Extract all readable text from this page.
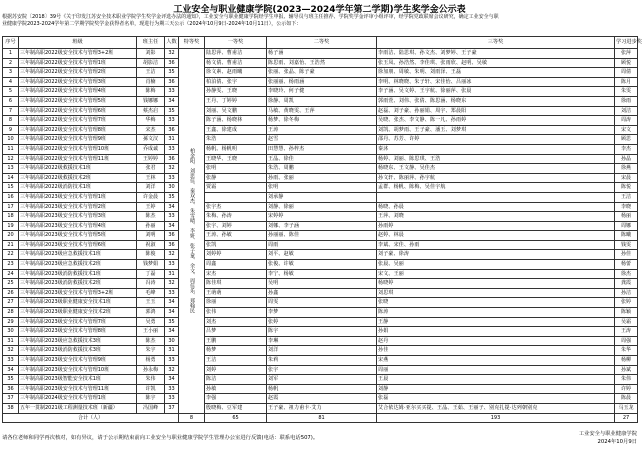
工业安全与职业健康学院(2023—2024学年第二学期)学生奖学金公示表
根据苏安院〔2018〕39号《关于印发江苏安全技术职业学院学生奖学金评选办法的通知》，工业安全与职业健康学院经学生申报、辅导员与班主任推荐、学院奖学金评审小组评审，经学院党政联席会议研究，确定工业安全与职
业健康学院2023-2024学年第二学期学院奖学金获得者名单，现进行为期三天公示（2024年10月9日-2024年10月11日），公示如下：
序号	班级	班主任	人数	特等奖	一等奖	二等奖	三等奖	学习进步奖
1	三年制高职2022级安全技术与管理3+2班	刘影	32	柏金阳、刘思佳、秦双杰、朱雪晴、李妍、张子童、余文、周佳乐、郑翰民	陆思萍、曹甫洁	杨子涵	李雨洁、陆思琪、孙文杰、刘梦婷、王子豪	张萍
2	三年制高职2022级安全技术与管理1班	胡影洁	36		杨文倩、曹甫洁	陈思雨、刘嘉怡、王浩然	张玉凤、孙浩然、李佳琪、张雨欣、赵明、吴敏	顾悦
3	三年制高职2022级安全技术与管理2班	王洁	35		徐文素、赵雨曦	张丽、张晶、陈子豪	徐加朋、周敏、朱明、刘雨泽、王磊	周倩
4	三年制高职2022级安全技术与管理3班	肖楠	36		柏泊倩、张宇	张丽丽、杨雨涵	李明、林晓晓、朱子轩、宋佳怡、吕丽冰	陈月
5	三年制高职2022级安全技术与管理4班	陈梅	33		孙静雯、王晓	李晓玲、何子健	李子涵、吴文婷、王宇航、徐丽萍、张晨	朱雯
6	三年制高职2022级安全技术与管理5班	钱娜娜	34		王丹、丁婷婷	徐静、周凯	郭雨萱、刘伟、张倩、陈思涵、杨晓东	徐雨
7	三年制高职2022级安全技术与管理6班	蔡杰启	35		刘丽、吴文鹏	马敏、黄晓雯、王萍	赵磊、刘子豪、孙丽娟、周宇、郑晨阳	刘洁
8	三年制高职2022级安全技术与管理7班	华梅	33		陈子涵、杨晓林	杨梦、徐冬梅	吴晓、张杰、李文静、陈一凡、孙雨婷	周涛
9	三年制高职2022级安全技术与管理8班	宋杰	36		王鑫、徐建成	王涛	刘凯、胡梦雨、王子豪、潘玉、刘梦琪	宋文
10	三年制高职2022级安全技术与管理9班	孫文汉	31		朱浩	赵雪	邵丹、苏芳、许婷	顾思
11	三年制高职2022级安全技术与管理10班	乔成诚	33		杨帆、杨帆明	田慧慧、孙梓杰	秦沐	李杰
12	三年制高职2022级安全技术与管理11班	王婷婷	36		王晓华、王晓	王晶、徐佳	杨婷、刘丽、陈思琪、王浩	孙晶
13	三年制高职2022级救援技术1班	张君	32		张明	朱浩、周鹏	杨晓东、王文静、吴佳杰	徐燕
14	三年制高职2022级救援技术2班	王林	33		张静	孙雨、张丽	孙文轩、陈丽萍、孙宇航	宋晨
15	三年制高职2022级消防技术1班	刘洋	30		贾霜	张明	孟群、杨帆、陈梅、吴佳宇航	陈悦
16	三年制高职2023级安全技术与管理1班	许金晨	35			刘承静		王洁
17	三年制高职2023级安全技术与管理2班	王婷	34		张宇杰	刘静、徐丽	杨晓、孙晨	李晓
18	三年制高职2023级安全技术与管理3班	陈杰	33		朱梅、孙涛	宋婷婷	王萍、刘晓	杨丽
19	三年制高职2023级安全技术与管理4班	孙丽	34		张宇、刘婷	刘娜、李子涵	孙雨婷	周娜
20	三年制高职2023级安全技术与管理5班	刘明	36		王涛、孙敏	孙丽丽、陈佳	赵婷、林晨	陈曦
21	三年制高职2023级安全技术与管理6班	祝淑	36		张凯	周雨	李斌、宋佳、孙雨	钱雯
22	三年制高职2023级应急救援技术1班	陈俊	32		刘婷婷	刘平、赵敏	刘子豪、徐涛	孙佳
23	三年制高职2023级应急救援技术2班	钱梦娟	33		周鑫	张俊、许敏	张晨、吴丽	杨蕾
24	三年制高职2023级消防救援技术1班	丁磊	31		宋杰	李宁、杨敏	宋文、王丽	徐杰
25	三年制高职2023级消防救援技术2班	冯涛	32		陈佳琪	吴明	杨晓婷	龚霞
26	三年制高职2023级安全技术与管理3+2班	毛峰	33		王萌萌	孙鑫	刘思琪	孙洁
27	三年制高职2023级职业健康安全技术1班	王玉	34		徐丽	周雯	张晓	张婷
28	三年制高职2023级职业健康安全技术2班	郭鸿	34		张伟	李梦	陈涛	陈颖
29	三年制高职2023级安全技术与管理7班	吴勇	35		刘杰	张婷	王静	吴霜
30	三年制高职2023级安全技术与管理8班	王小丽	34		吕梦	陈宇	孙娟	王涛
31	三年制高职2023级应急救援技术3班	陈杰	30		王鹏	李琳	赵丹	周强
32	三年制高职2023级消防救援技术3班	朱宇	31		杨梦	刘洋	孙佳	朱华
33	三年制高职2023级安全技术与管理9班	杨勇	33		王洁	朱莉	宋燕	杨柳
34	三年制高职2023级安全技术与管理10班	孙永梅	32		刘婷	张宇	周丽	孙斌
35	三年制高职2023级智能安全技术1班	朱伟	34		陈洁	刘军	王晨	朱伟
36	三年制高职2023级安全技术与管理11班	许凯	33		孙敏	杨帆	刘静	许婷
37	三年制高职2024级安全技术与管理1班	陈宇	33		李强	赵霞	张磊	陈晨
38	五年一贯制2021级工程测量技术班（新疆）	冯国峰	37		殷晓梅、豆军建	王子豪、祖力甫卡·艾力	艾合依达姆·亚尔买买提、王晶、王茹、王丽子、别克扎提·达列朝别克	马玉龙
合计（人）				8	65	81	193	27
请各位老师和同学再次核对，如有异议，请于公示期结束前向工业安全与职业健康学院学生管理办公室进行反馈(电话：联系电话507)。
工业安全与职业健康学院
2024年10月9日
